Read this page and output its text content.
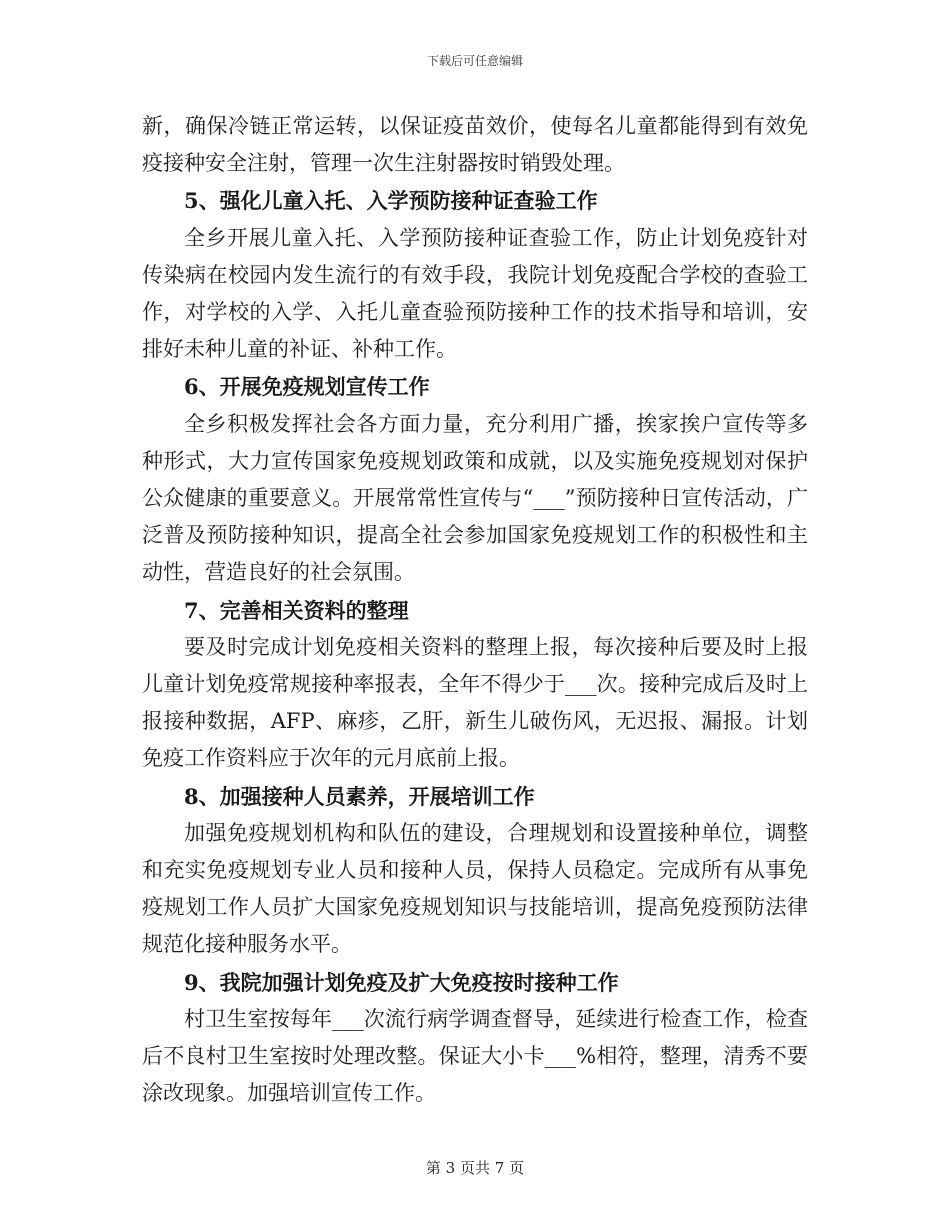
下载后可任意编辑

新，确保冷链正常运转，以保证疫苗效价，使每名儿童都能得到有效免疫接种安全注射，管理一次生注射器按时销毁处理。

5、强化儿童入托、入学预防接种证查验工作

全乡开展儿童入托、入学预防接种证查验工作，防止计划免疫针对传染病在校园内发生流行的有效手段，我院计划免疫配合学校的查验工作，对学校的入学、入托儿童查验预防接种工作的技术指导和培训，安排好未种儿童的补证、补种工作。

6、开展免疫规划宣传工作

全乡积极发挥社会各方面力量，充分利用广播，挨家挨户宣传等多种形式，大力宣传国家免疫规划政策和成就，以及实施免疫规划对保护公众健康的重要意义。开展常常性宣传与“___”预防接种日宣传活动，广泛普及预防接种知识，提高全社会参加国家免疫规划工作的积极性和主动性，营造良好的社会氛围。

7、完善相关资料的整理

要及时完成计划免疫相关资料的整理上报，每次接种后要及时上报儿童计划免疫常规接种率报表，全年不得少于___次。接种完成后及时上报接种数据，AFP、麻疹，乙肝，新生儿破伤风，无迟报、漏报。计划免疫工作资料应于次年的元月底前上报。

8、加强接种人员素养，开展培训工作

加强免疫规划机构和队伍的建设，合理规划和设置接种单位，调整和充实免疫规划专业人员和接种人员，保持人员稳定。完成所有从事免疫规划工作人员扩大国家免疫规划知识与技能培训，提高免疫预防法律规范化接种服务水平。

9、我院加强计划免疫及扩大免疫按时接种工作

村卫生室按每年___次流行病学调查督导，延续进行检查工作，检查后不良村卫生室按时处理改整。保证大小卡___%相符，整理，清秀不要涂改现象。加强培训宣传工作。

第 3 页共 7 页
